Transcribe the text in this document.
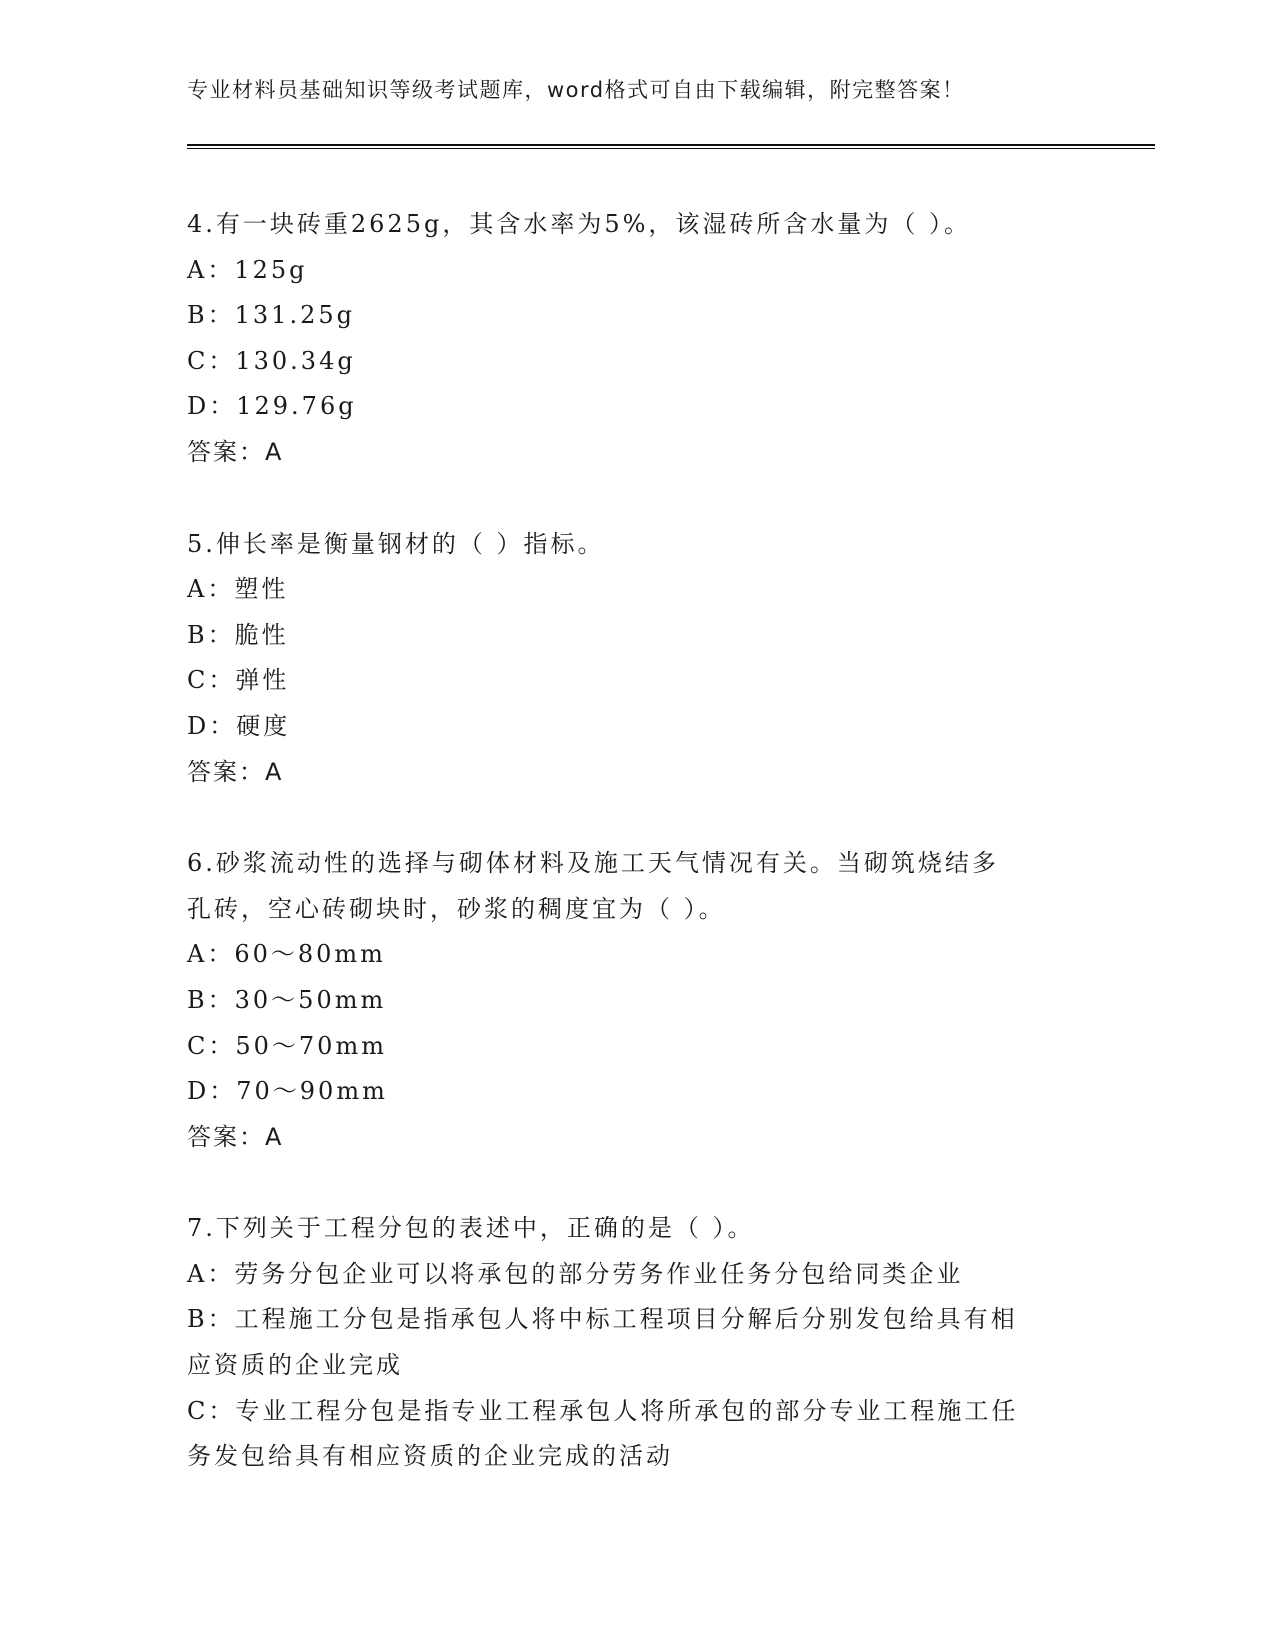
专业材料员基础知识等级考试题库，word格式可自由下载编辑，附完整答案！
4.有一块砖重2625g，其含水率为5%，该湿砖所含水量为（ ）。
A：125g
B：131.25g
C：130.34g
D：129.76g
答案：A
5.伸长率是衡量钢材的（ ）指标。
A：塑性
B：脆性
C：弹性
D：硬度
答案：A
6.砂浆流动性的选择与砌体材料及施工天气情况有关。当砌筑烧结多
孔砖，空心砖砌块时，砂浆的稠度宜为（ ）。
A：60～80mm
B：30～50mm
C：50～70mm
D：70～90mm
答案：A
7.下列关于工程分包的表述中，正确的是（ ）。
A：劳务分包企业可以将承包的部分劳务作业任务分包给同类企业
B：工程施工分包是指承包人将中标工程项目分解后分别发包给具有相
应资质的企业完成
C：专业工程分包是指专业工程承包人将所承包的部分专业工程施工任
务发包给具有相应资质的企业完成的活动
